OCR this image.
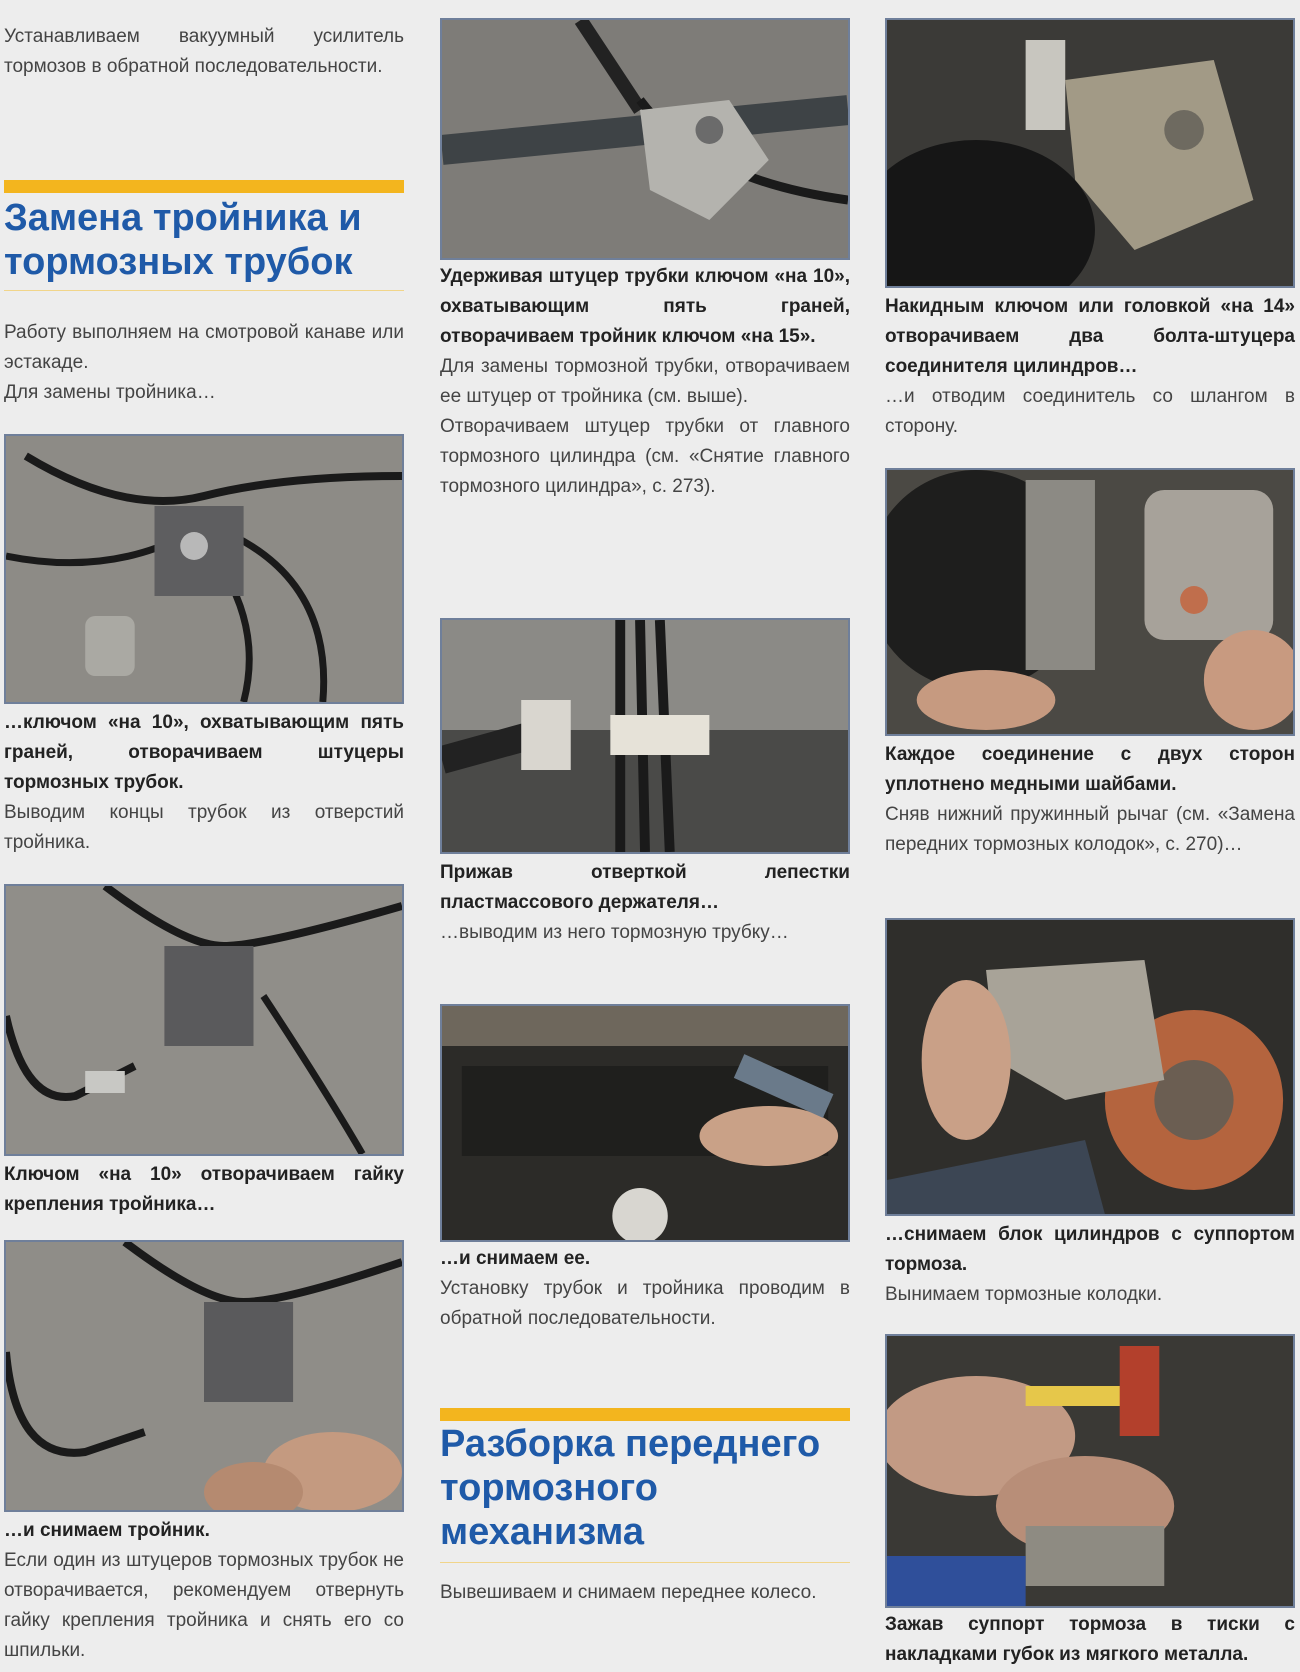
Устанавливаем вакуумный усилитель тормозов в обратной последовательности.

Замена тройника и тормозных трубок

Работу выполняем на смотровой канаве или эстакаде.

Для замены тройника…

…ключом «на 10», охватывающим пять граней, отворачиваем штуцеры тормозных трубок.

Выводим концы трубок из отверстий тройника.

Ключом «на 10» отворачиваем гайку крепления тройника…

…и снимаем тройник.

Если один из штуцеров тормозных трубок не отворачивается, рекомендуем отвернуть гайку крепления тройника и снять его со шпильки.

Удерживая штуцер трубки ключом «на 10», охватывающим пять граней, отворачиваем тройник ключом «на 15».

Для замены тормозной трубки, отворачиваем ее штуцер от тройника (см. выше).

Отворачиваем штуцер трубки от главного тормозного цилиндра (см. «Снятие главного тормозного цилиндра», с. 273).

Прижав отверткой лепестки пластмассового держателя…

…выводим из него тормозную трубку…

…и снимаем ее.

Установку трубок и тройника проводим в обратной последовательности.

Разборка переднего тормозного механизма

Вывешиваем и снимаем переднее колесо.

Накидным ключом или головкой «на 14» отворачиваем два болта-штуцера соединителя цилиндров…

…и отводим соединитель со шлангом в сторону.

Каждое соединение с двух сторон уплотнено медными шайбами.

Сняв нижний пружинный рычаг (см. «Замена передних тормозных колодок», с. 270)…

…снимаем блок цилиндров с суппортом тормоза.

Вынимаем тормозные колодки.

Зажав суппорт тормоза в тиски с накладками губок из мягкого металла.
